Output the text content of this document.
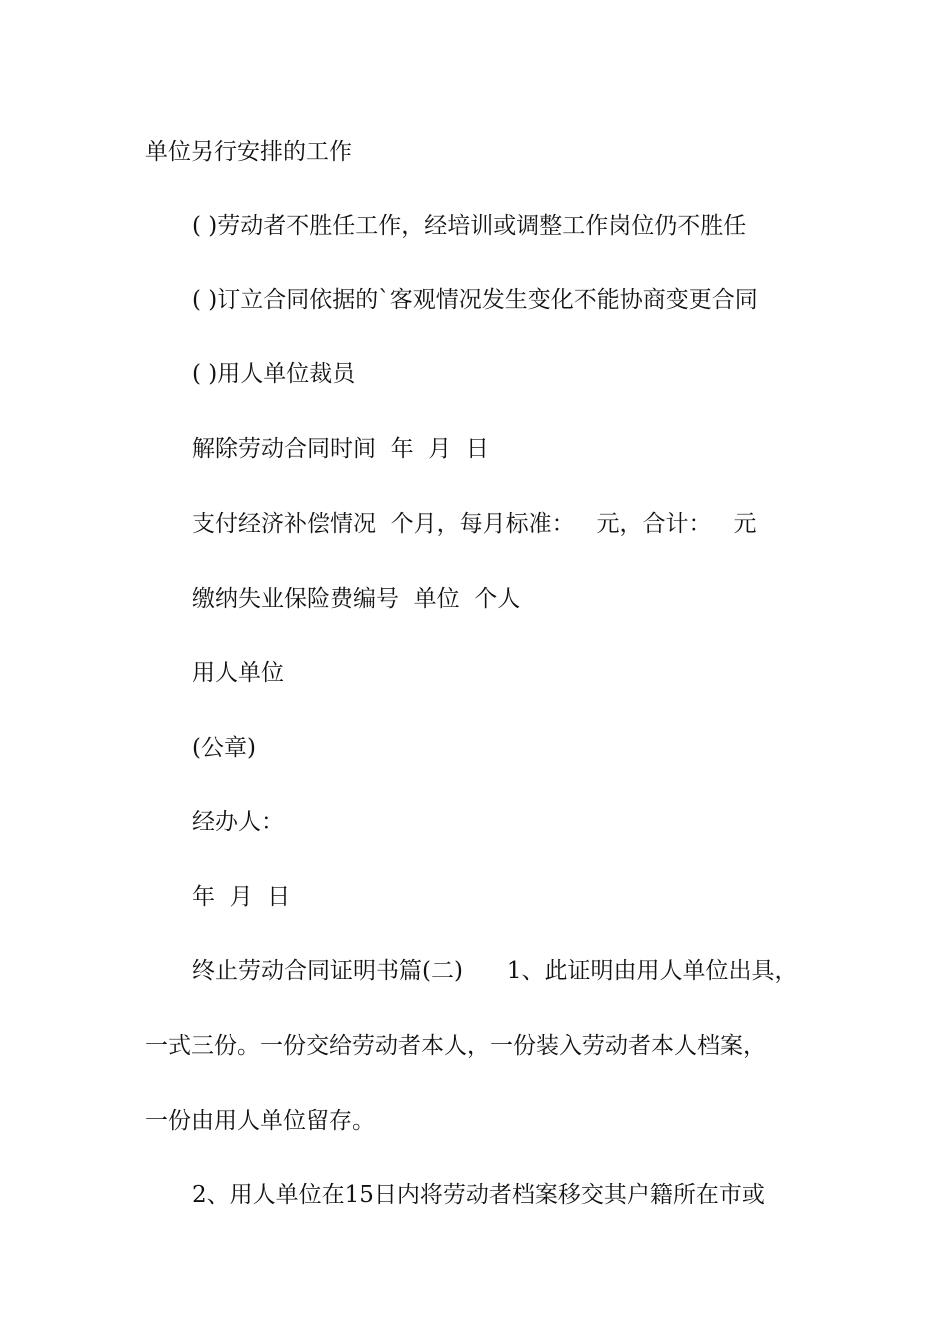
单位另行安排的工作
( )劳动者不胜任工作，经培训或调整工作岗位仍不胜任
( )订立合同依据的`客观情况发生变化不能协商变更合同
( )用人单位裁员
解除劳动合同时间  年  月  日
支付经济补偿情况  个月，每月标准：   元，合计：   元
缴纳失业保险费编号  单位  个人
用人单位
(公章)
经办人：
年  月  日
终止劳动合同证明书篇(二)      1、此证明由用人单位出具，
一式三份。一份交给劳动者本人，一份装入劳动者本人档案，
一份由用人单位留存。
2、用人单位在15日内将劳动者档案移交其户籍所在市或
